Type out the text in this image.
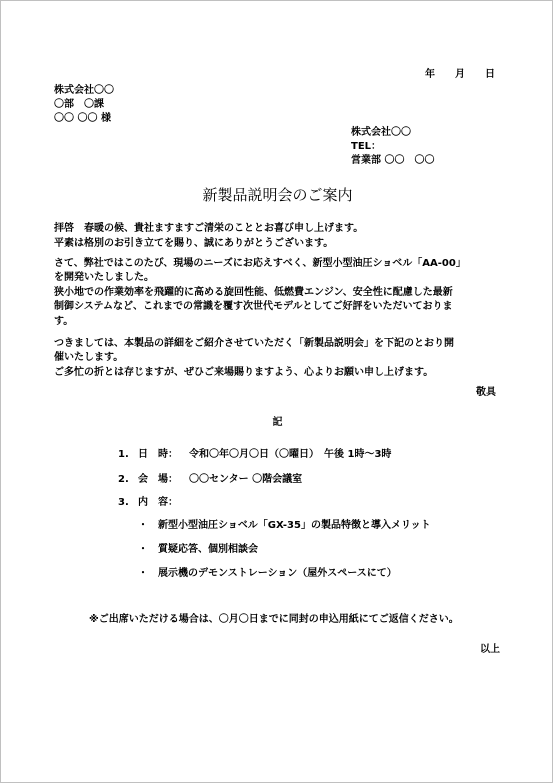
年　　月　　日
株式会社〇〇
〇部　〇課
〇〇 〇〇 様
株式会社〇〇
TEL：
営業部 〇〇　〇〇
新製品説明会のご案内
拝啓　春暖の候、貴社ますますご清栄のこととお喜び申し上げます。
平素は格別のお引き立てを賜り、誠にありがとうございます。
さて、弊社ではこのたび、現場のニーズにお応えすべく、新型小型油圧ショベル「AA-00」
を開発いたしました。
狭小地での作業効率を飛躍的に高める旋回性能、低燃費エンジン、安全性に配慮した最新
制御システムなど、これまでの常識を覆す次世代モデルとしてご好評をいただいておりま
す。
つきましては、本製品の詳細をご紹介させていただく「新製品説明会」を下記のとおり開
催いたします。
ご多忙の折とは存じますが、ぜひご来場賜りますよう、心よりお願い申し上げます。
敬具
記
1. 日　時： 令和〇年〇月〇日（〇曜日）　午後 1時～3時
2. 会　場： 〇〇センター 〇階会議室
3. 内　容：
・ 新型小型油圧ショベル「GX-35」の製品特徴と導入メリット
・ 質疑応答、個別相談会
・ 展示機のデモンストレーション（屋外スペースにて）
※ご出席いただける場合は、〇月〇日までに同封の申込用紙にてご返信ください。
以上
